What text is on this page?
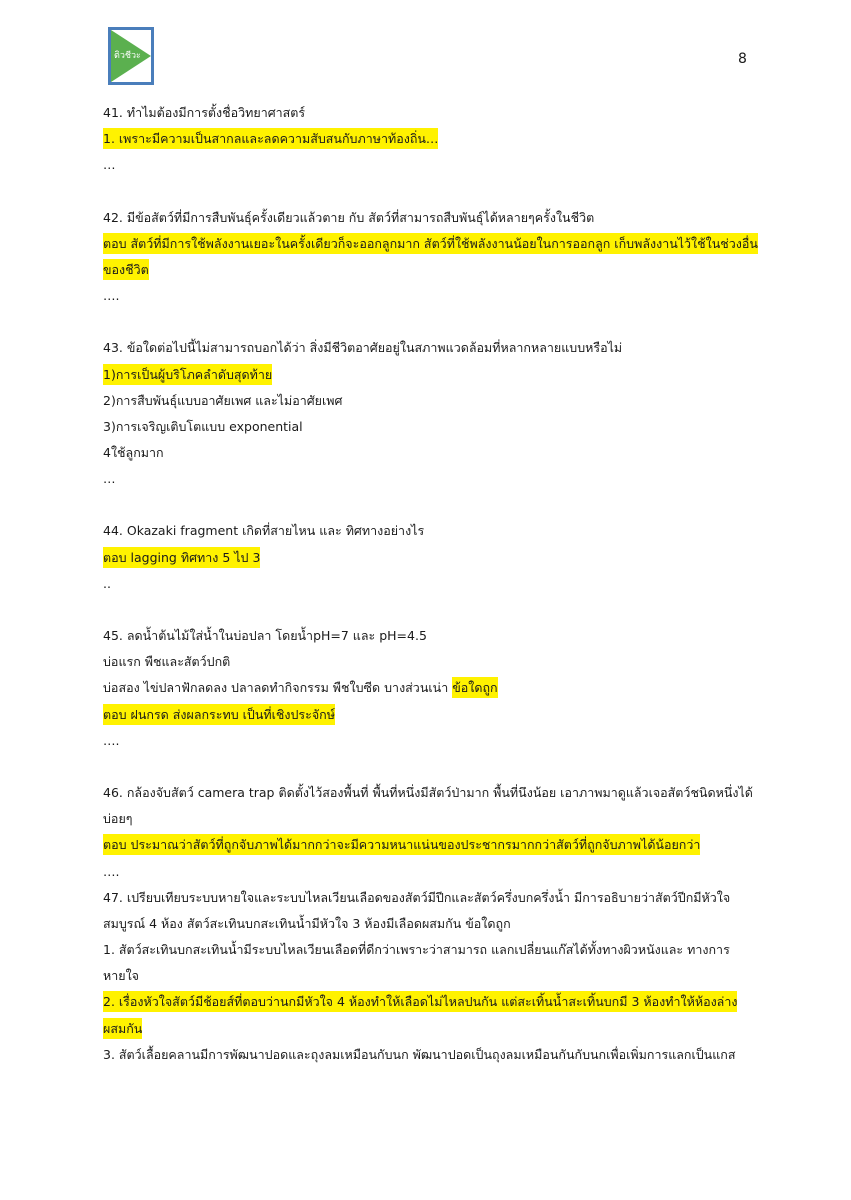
ติวชีวะ	8
41. ทำไมต้องมีการตั้งชื่อวิทยาศาสตร์
1. เพราะมีความเป็นสากลและลดความสับสนกับภาษาท้องถิ่น…
…
42. มีข้อสัตว์ที่มีการสืบพันธุ์ครั้งเดียวแล้วตาย กับ สัตว์ที่สามารถสืบพันธุ์ได้หลายๆครั้งในชีวิต
ตอบ สัตว์ที่มีการใช้พลังงานเยอะในครั้งเดียวก็จะออกลูกมาก สัตว์ที่ใช้พลังงานน้อยในการออกลูก เก็บพลังงานไว้ใช้ในช่วงอื่น
ของชีวิต
….
43. ข้อใดต่อไปนี้ไม่สามารถบอกได้ว่า สิ่งมีชีวิตอาศัยอยู่ในสภาพแวดล้อมที่หลากหลายแบบหรือไม่
1)การเป็นผู้บริโภคลำดับสุดท้าย
2)การสืบพันธุ์แบบอาศัยเพศ และไม่อาศัยเพศ
3)การเจริญเติบโตแบบ exponential
4ใช้ลูกมาก
…
44. Okazaki fragment เกิดที่สายไหน และ ทิศทางอย่างไร
ตอบ lagging ทิศทาง 5 ไป 3
..
45. ลดน้ำต้นไม้ใส่น้ำในบ่อปลา โดยน้ำpH=7 และ pH=4.5
บ่อแรก พืชและสัตว์ปกติ
บ่อสอง ไข่ปลาฟักลดลง ปลาลดทำกิจกรรม พืชใบซีด บางส่วนเน่า ข้อใดถูก
ตอบ ฝนกรด ส่งผลกระทบ เป็นที่เชิงประจักษ์
….
46. กล้องจับสัตว์ camera trap ติดตั้งไว้สองพื้นที่ พื้นที่หนึ่งมีสัตว์ป่ามาก พื้นที่นึงน้อย เอาภาพมาดูแล้วเจอสัตว์ชนิดหนึ่งได้
บ่อยๆ
ตอบ ประมาณว่าสัตว์ที่ถูกจับภาพได้มากกว่าจะมีความหนาแน่นของประชากรมากกว่าสัตว์ที่ถูกจับภาพได้น้อยกว่า
….
47. เปรียบเทียบระบบหายใจและระบบไหลเวียนเลือดของสัตว์มีปีกและสัตว์ครึ่งบกครึ่งน้ำ มีการอธิบายว่าสัตว์ปีกมีหัวใจ
สมบูรณ์ 4 ห้อง สัตว์สะเทินบกสะเทินน้ำมีหัวใจ 3 ห้องมีเลือดผสมกัน ข้อใดถูก
1. สัตว์สะเทินบกสะเทินน้ำมีระบบไหลเวียนเลือดที่ดีกว่าเพราะว่าสามารถ แลกเปลี่ยนแก๊สได้ทั้งทางผิวหนังและ ทางการ
หายใจ
2. เรื่องหัวใจสัตว์มีช้อยส์ที่ตอบว่านกมีหัวใจ 4 ห้องทำให้เลือดไม่ไหลปนกัน แต่สะเทิ้นน้ำสะเทิ้นบกมี 3 ห้องทำให้ห้องล่าง
ผสมกัน
3. สัตว์เลื้อยคลานมีการพัฒนาปอดและถุงลมเหมือนกับนก พัฒนาปอดเป็นถุงลมเหมือนกันกับนกเพื่อเพิ่มการแลกเป็นแกส
